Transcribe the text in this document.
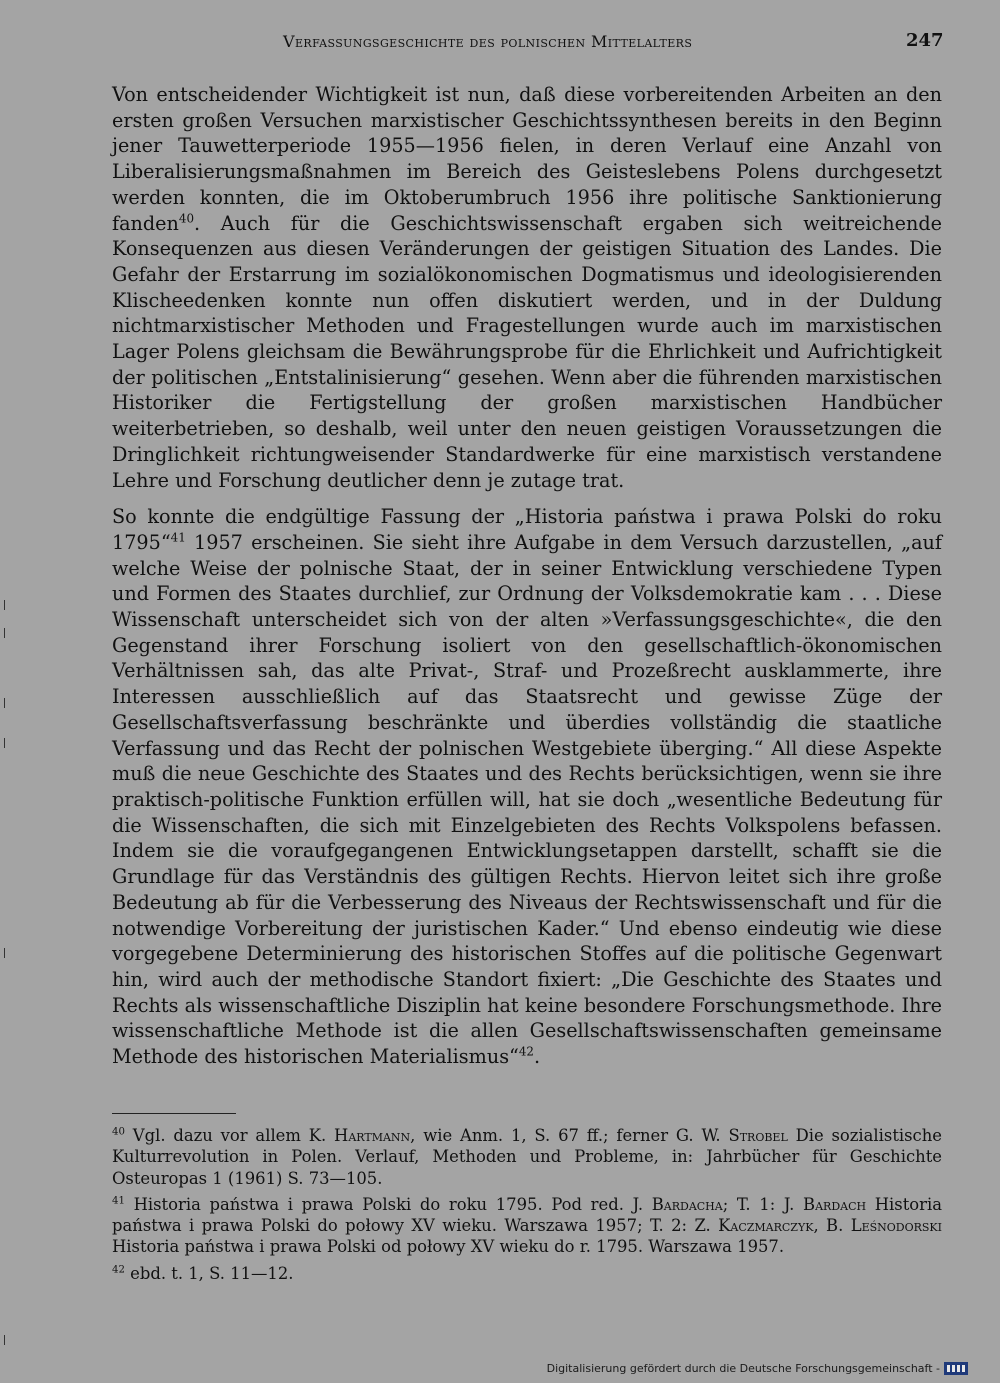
Verfassungsgeschichte des polnischen Mittelalters	247

Von entscheidender Wichtigkeit ist nun, daß diese vorbereitenden Arbeiten an den ersten großen Versuchen marxistischer Geschichtssynthesen bereits in den Beginn jener Tauwetterperiode 1955—1956 fielen, in deren Verlauf eine Anzahl von Liberalisierungsmaßnahmen im Bereich des Geisteslebens Polens durchgesetzt werden konnten, die im Oktoberumbruch 1956 ihre politische Sanktionierung fanden$^{40}$. Auch für die Geschichtswissenschaft ergaben sich weitreichende Konsequenzen aus diesen Veränderungen der geistigen Situation des Landes. Die Gefahr der Erstarrung im sozialökonomischen Dogmatismus und ideologisierenden Klischeedenken konnte nun offen diskutiert werden, und in der Duldung nichtmarxistischer Methoden und Fragestellungen wurde auch im marxistischen Lager Polens gleichsam die Bewährungsprobe für die Ehrlichkeit und Aufrichtigkeit der politischen „Entstalinisierung“ gesehen. Wenn aber die führenden marxistischen Historiker die Fertigstellung der großen marxistischen Handbücher weiterbetrieben, so deshalb, weil unter den neuen geistigen Voraussetzungen die Dringlichkeit richtungweisender Standardwerke für eine marxistisch verstandene Lehre und Forschung deutlicher denn je zutage trat.

So konnte die endgültige Fassung der „Historia państwa i prawa Polski do roku 1795“$^{41}$ 1957 erscheinen. Sie sieht ihre Aufgabe in dem Versuch darzustellen, „auf welche Weise der polnische Staat, der in seiner Entwicklung verschiedene Typen und Formen des Staates durchlief, zur Ordnung der Volksdemokratie kam . . . Diese Wissenschaft unterscheidet sich von der alten »Verfassungsgeschichte«, die den Gegenstand ihrer Forschung isoliert von den gesellschaftlich-ökonomischen Verhältnissen sah, das alte Privat-, Straf- und Prozeßrecht ausklammerte, ihre Interessen ausschließlich auf das Staatsrecht und gewisse Züge der Gesellschaftsverfassung beschränkte und überdies vollständig die staatliche Verfassung und das Recht der polnischen Westgebiete überging.“ All diese Aspekte muß die neue Geschichte des Staates und des Rechts berücksichtigen, wenn sie ihre praktisch-politische Funktion erfüllen will, hat sie doch „wesentliche Bedeutung für die Wissenschaften, die sich mit Einzelgebieten des Rechts Volkspolens befassen. Indem sie die voraufgegangenen Entwicklungsetappen darstellt, schafft sie die Grundlage für das Verständnis des gültigen Rechts. Hiervon leitet sich ihre große Bedeutung ab für die Verbesserung des Niveaus der Rechtswissenschaft und für die notwendige Vorbereitung der juristischen Kader.“ Und ebenso eindeutig wie diese vorgegebene Determinierung des historischen Stoffes auf die politische Gegenwart hin, wird auch der methodische Standort fixiert: „Die Geschichte des Staates und Rechts als wissenschaftliche Disziplin hat keine besondere Forschungsmethode. Ihre wissenschaftliche Methode ist die allen Gesellschaftswissenschaften gemeinsame Methode des historischen Materialismus“$^{42}$.

$^{40}$ Vgl. dazu vor allem K. Hartmann, wie Anm. 1, S. 67 ff.; ferner G. W. Strobel Die sozialistische Kulturrevolution in Polen. Verlauf, Methoden und Probleme, in: Jahrbücher für Geschichte Osteuropas 1 (1961) S. 73—105.

$^{41}$ Historia państwa i prawa Polski do roku 1795. Pod red. J. Bardacha; T. 1: J. Bardach Historia państwa i prawa Polski do połowy XV wieku. Warszawa 1957; T. 2: Z. Kaczmarczyk, B. Leśnodorski Historia państwa i prawa Polski od połowy XV wieku do r. 1795. Warszawa 1957.

$^{42}$ ebd. t. 1, S. 11—12.

Digitalisierung gefördert durch die Deutsche Forschungsgemeinschaft -
